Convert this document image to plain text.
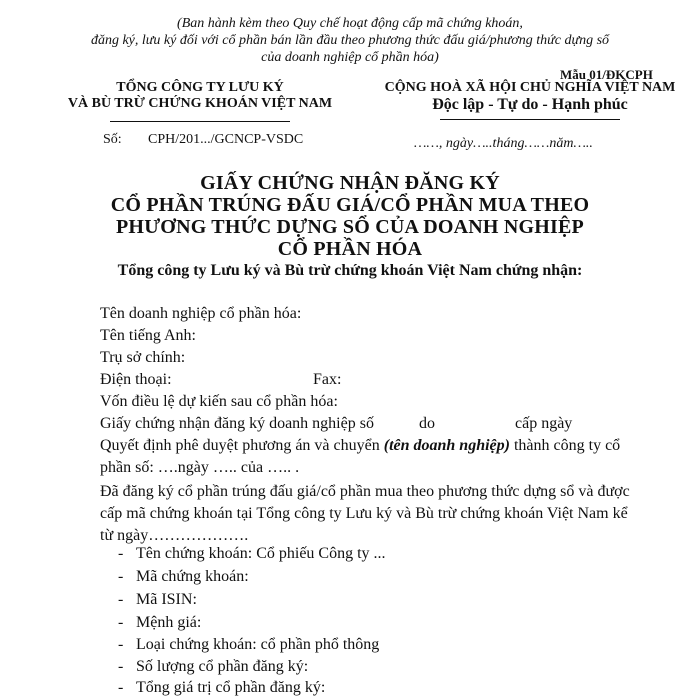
(Ban hành kèm theo Quy chế hoạt động cấp mã chứng khoán,
đăng ký, lưu ký đối với cổ phần bán lần đầu theo phương thức đấu giá/phương thức dựng sổ
của doanh nghiệp cổ phần hóa)
Mẫu 01/ĐKCPH
TỔNG CÔNG TY LƯU KÝ
VÀ BÙ TRỪ CHỨNG KHOÁN VIỆT NAM
CỘNG HOÀ XÃ HỘI CHỦ NGHĨA VIỆT NAM
Độc lập - Tự do - Hạnh phúc
Số: CPH/201.../GCNCP-VSDC	……, ngày…..tháng……năm…..
GIẤY CHỨNG NHẬN ĐĂNG KÝ
CỔ PHẦN TRÚNG ĐẤU GIÁ/CỔ PHẦN MUA THEO
PHƯƠNG THỨC DỰNG SỔ CỦA DOANH NGHIỆP
CỔ PHẦN HÓA
Tổng công ty Lưu ký và Bù trừ chứng khoán Việt Nam chứng nhận:
Tên doanh nghiệp cổ phần hóa:
Tên tiếng Anh:
Trụ sở chính:
Điện thoại:	Fax:
Vốn điều lệ dự kiến sau cổ phần hóa:
Giấy chứng nhận đăng ký doanh nghiệp số	do	cấp ngày
Quyết định phê duyệt phương án và chuyển (tên doanh nghiệp) thành công ty cổ
phần số: ….ngày ….. của ….. .
Đã đăng ký cổ phần trúng đấu giá/cổ phần mua theo phương thức dựng sổ và được
cấp mã chứng khoán tại Tổng công ty Lưu ký và Bù trừ chứng khoán Việt Nam kể
từ ngày……………….
- Tên chứng khoán: Cổ phiếu Công ty ...
- Mã chứng khoán:
- Mã ISIN:
- Mệnh giá:
- Loại chứng khoán: cổ phần phổ thông
- Số lượng cổ phần đăng ký:
- Tổng giá trị cổ phần đăng ký:
